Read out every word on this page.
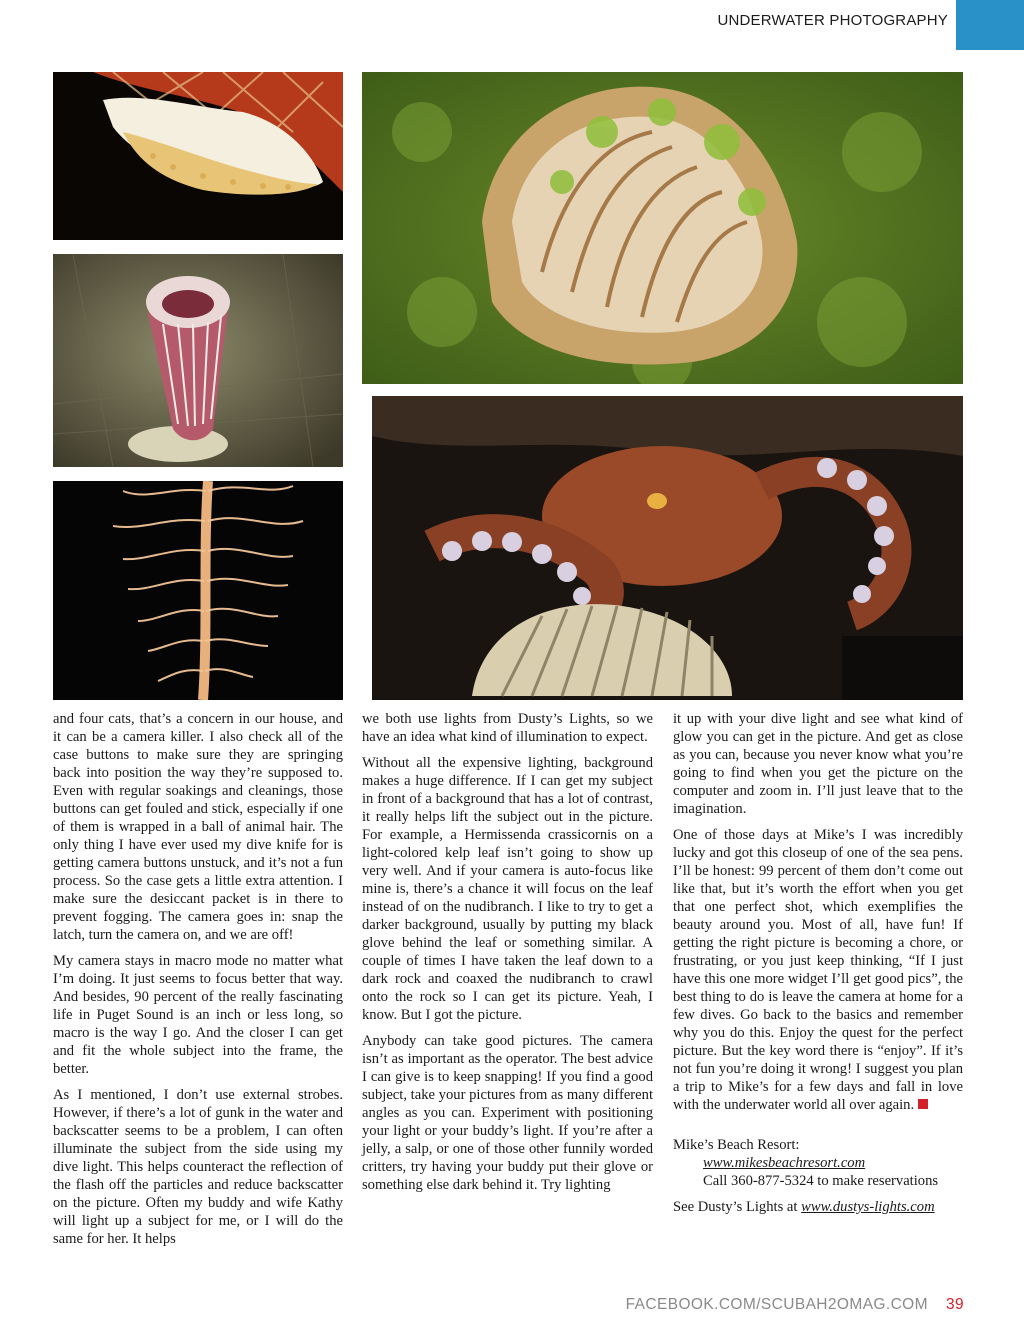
UNDERWATER PHOTOGRAPHY

and four cats, that’s a concern in our house, and it can be a camera killer. I also check all of the case buttons to make sure they are springing back into position the way they’re supposed to. Even with regular soakings and cleanings, those buttons can get fouled and stick, especially if one of them is wrapped in a ball of animal hair. The only thing I have ever used my dive knife for is getting camera buttons unstuck, and it’s not a fun process. So the case gets a little extra attention. I make sure the desiccant packet is in there to prevent fogging. The camera goes in: snap the latch, turn the camera on, and we are off!

My camera stays in macro mode no matter what I’m doing. It just seems to focus better that way. And besides, 90 percent of the really fascinating life in Puget Sound is an inch or less long, so macro is the way I go. And the closer I can get and fit the whole subject into the frame, the better.

As I mentioned, I don’t use external strobes. However, if there’s a lot of gunk in the water and backscatter seems to be a problem, I can often illuminate the subject from the side using my dive light. This helps counteract the reflection of the flash off the particles and reduce backscatter on the picture. Often my buddy and wife Kathy will light up a subject for me, or I will do the same for her. It helps

we both use lights from Dusty’s Lights, so we have an idea what kind of illumination to expect.

Without all the expensive lighting, background makes a huge difference. If I can get my subject in front of a background that has a lot of contrast, it really helps lift the subject out in the picture. For example, a Hermissenda crassicornis on a light-colored kelp leaf isn’t going to show up very well. And if your camera is auto-focus like mine is, there’s a chance it will focus on the leaf instead of on the nudibranch. I like to try to get a darker background, usually by putting my black glove behind the leaf or something similar. A couple of times I have taken the leaf down to a dark rock and coaxed the nudibranch to crawl onto the rock so I can get its picture. Yeah, I know. But I got the picture.

Anybody can take good pictures. The camera isn’t as important as the operator. The best advice I can give is to keep snapping! If you find a good subject, take your pictures from as many different angles as you can. Experiment with positioning your light or your buddy’s light. If you’re after a jelly, a salp, or one of those other funnily worded critters, try having your buddy put their glove or something else dark behind it. Try lighting

it up with your dive light and see what kind of glow you can get in the picture. And get as close as you can, because you never know what you’re going to find when you get the picture on the computer and zoom in. I’ll just leave that to the imagination.

One of those days at Mike’s I was incredibly lucky and got this closeup of one of the sea pens. I’ll be honest: 99 percent of them don’t come out like that, but it’s worth the effort when you get that one perfect shot, which exemplifies the beauty around you. Most of all, have fun! If getting the right picture is becoming a chore, or frustrating, or you just keep thinking, “If I just have this one more widget I’ll get good pics”, the best thing to do is leave the camera at home for a few dives. Go back to the basics and remember why you do this. Enjoy the quest for the perfect picture. But the key word there is “enjoy”. If it’s not fun you’re doing it wrong! I suggest you plan a trip to Mike’s for a few days and fall in love with the underwater world all over again.

Mike’s Beach Resort:
www.mikesbeachresort.com
Call 360-877-5324 to make reservations
See Dusty’s Lights at www.dustys-lights.com
FACEBOOK.COM/SCUBAH2OMAG.COM 39
